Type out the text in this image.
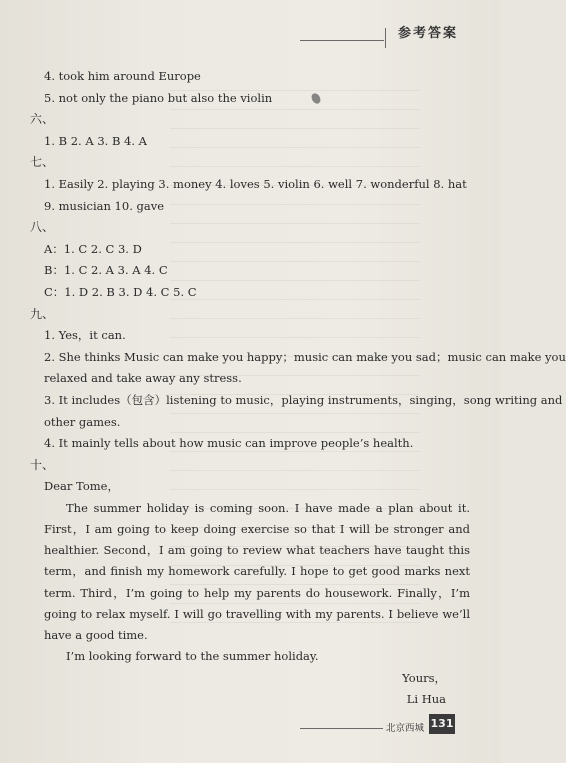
参考答案
4. took him around Europe
5. not only the piano but also the violin
六、
1. B 2. A 3. B 4. A
七、
1. Easily 2. playing 3. money 4. loves 5. violin 6. well 7. wonderful 8. hat
9. musician 10. gave
八、
A：1. C 2. C 3. D
B：1. C 2. A 3. A 4. C
C：1. D 2. B 3. D 4. C 5. C
九、
1. Yes，it can.
2. She thinks Music can make you happy；music can make you sad；music can make you
relaxed and take away any stress.
3. It includes（包含）listening to music，playing instruments，singing，song writing and
other games.
4. It mainly tells about how music can improve people’s health.
十、
Dear Tome，
The summer holiday is coming soon. I have made a plan about it. First，I am going to keep doing exercise so that I will be stronger and healthier. Second，I am going to review what teachers have taught this term，and finish my homework carefully. I hope to get good marks next term. Third，I’m going to help my parents do housework. Finally，I’m going to relax myself. I will go travelling with my parents. I believe we’ll have a good time.
I’m looking forward to the summer holiday.
Yours，
Li Hua
北京西城 131
